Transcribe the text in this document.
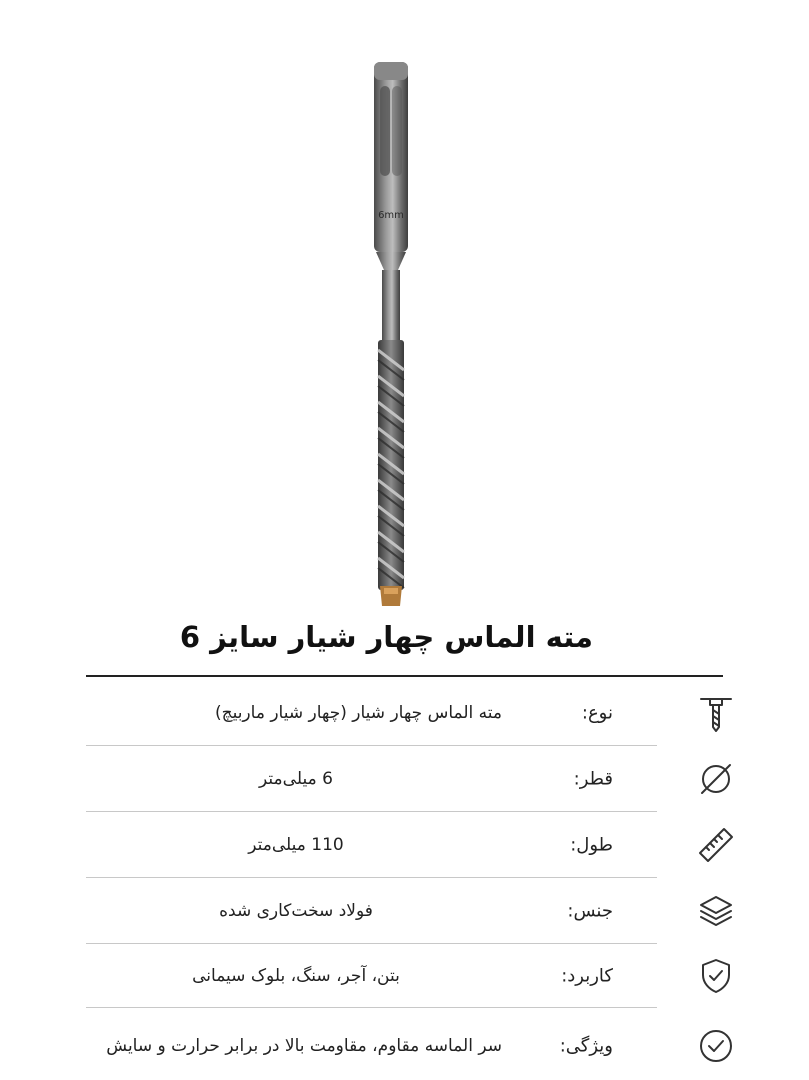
6mm
مته الماس چهار شیار سایز 6
نوع:
مته الماس چهار شیار (چهار شیار ماربیچ)
قطر:
6 میلی‌متر
طول:
110 میلی‌متر
جنس:
فولاد سخت‌کاری شده
کاربرد:
بتن، آجر، سنگ، بلوک سیمانی
ویژگی:
سر الماسه مقاوم، مقاومت بالا در برابر حرارت و سایش
